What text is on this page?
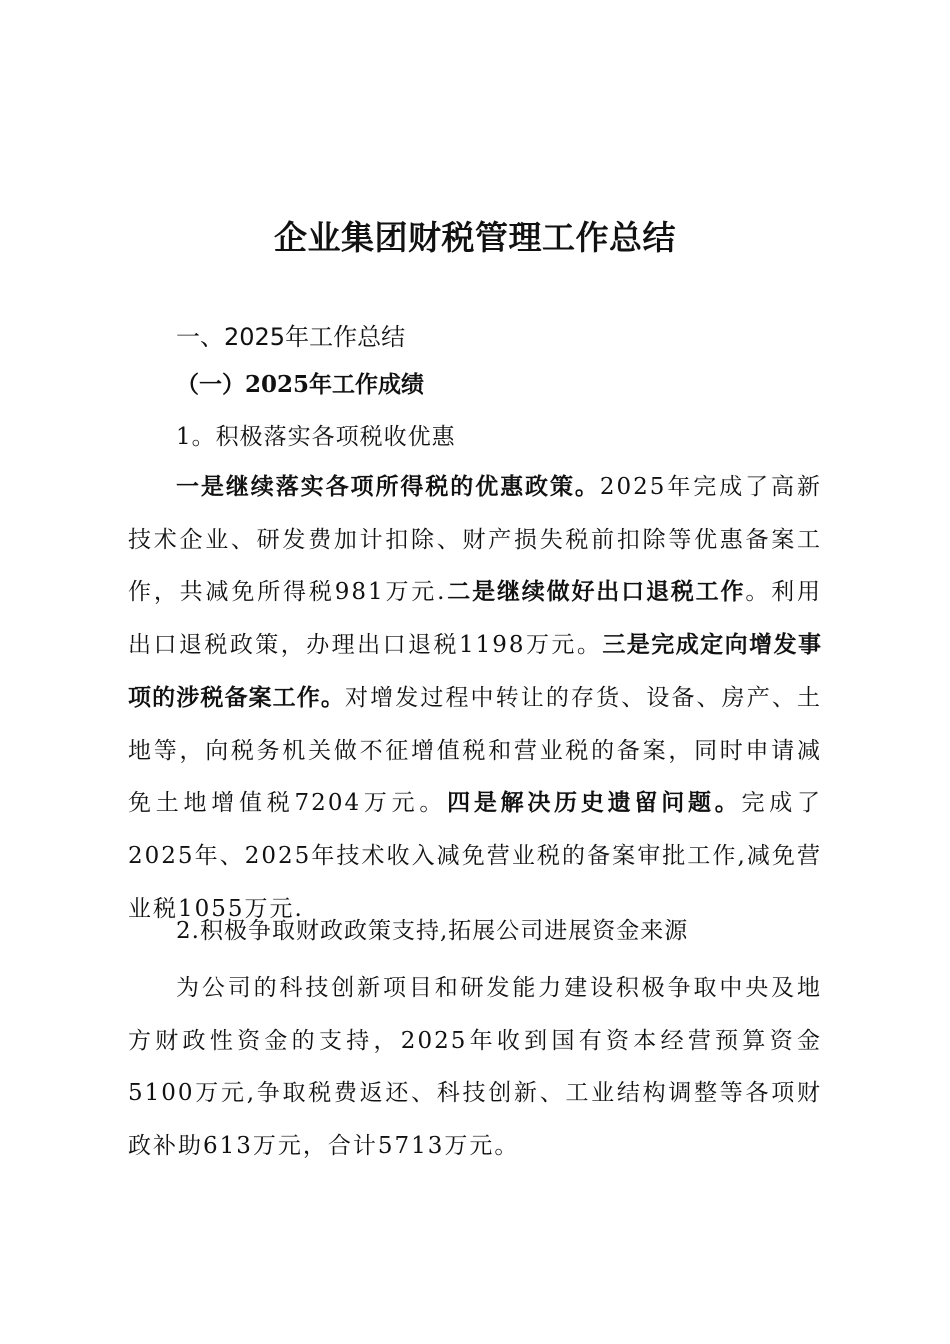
企业集团财税管理工作总结
一、2025年工作总结
（一）2025年工作成绩
1。积极落实各项税收优惠
一是继续落实各项所得税的优惠政策。2025年完成了高新技术企业、研发费加计扣除、财产损失税前扣除等优惠备案工作，共减免所得税981万元.二是继续做好出口退税工作。利用出口退税政策，办理出口退税1198万元。三是完成定向增发事项的涉税备案工作。对增发过程中转让的存货、设备、房产、土地等，向税务机关做不征增值税和营业税的备案，同时申请减免土地增值税7204万元。四是解决历史遗留问题。完成了2025年、2025年技术收入减免营业税的备案审批工作,减免营业税1055万元.
2.积极争取财政政策支持,拓展公司进展资金来源
为公司的科技创新项目和研发能力建设积极争取中央及地方财政性资金的支持，2025年收到国有资本经营预算资金5100万元,争取税费返还、科技创新、工业结构调整等各项财政补助613万元，合计5713万元。
